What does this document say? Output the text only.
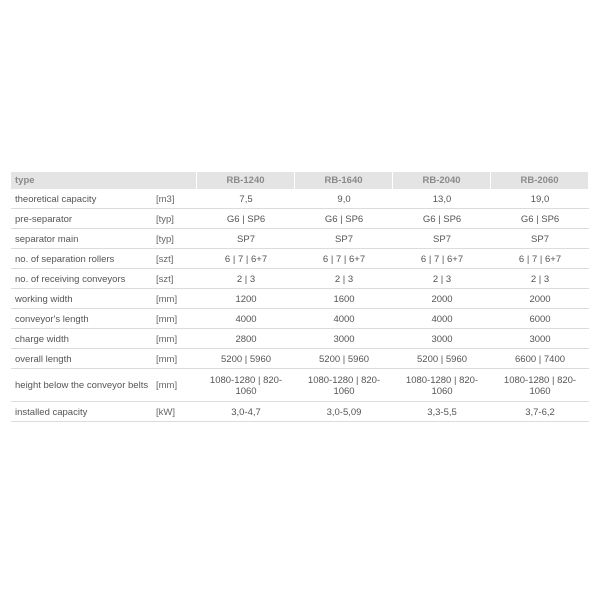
type		RB-1240	RB-1640	RB-2040	RB-2060
theoretical capacity	[m3]	7,5	9,0	13,0	19,0
pre-separator	[typ]	G6 | SP6	G6 | SP6	G6 | SP6	G6 | SP6
separator main	[typ]	SP7	SP7	SP7	SP7
no. of separation rollers	[szt]	6 | 7 | 6+7	6 | 7 | 6+7	6 | 7 | 6+7	6 | 7 | 6+7
no. of receiving conveyors	[szt]	2 | 3	2 | 3	2 | 3	2 | 3
working width	[mm]	1200	1600	2000	2000
conveyor's length	[mm]	4000	4000	4000	6000
charge width	[mm]	2800	3000	3000	3000
overall length	[mm]	5200 | 5960	5200 | 5960	5200 | 5960	6600 | 7400
height below the conveyor belts	[mm]	1080-1280 | 820-1060	1080-1280 | 820-1060	1080-1280 | 820-1060	1080-1280 | 820-1060
installed capacity	[kW]	3,0-4,7	3,0-5,09	3,3-5,5	3,7-6,2
